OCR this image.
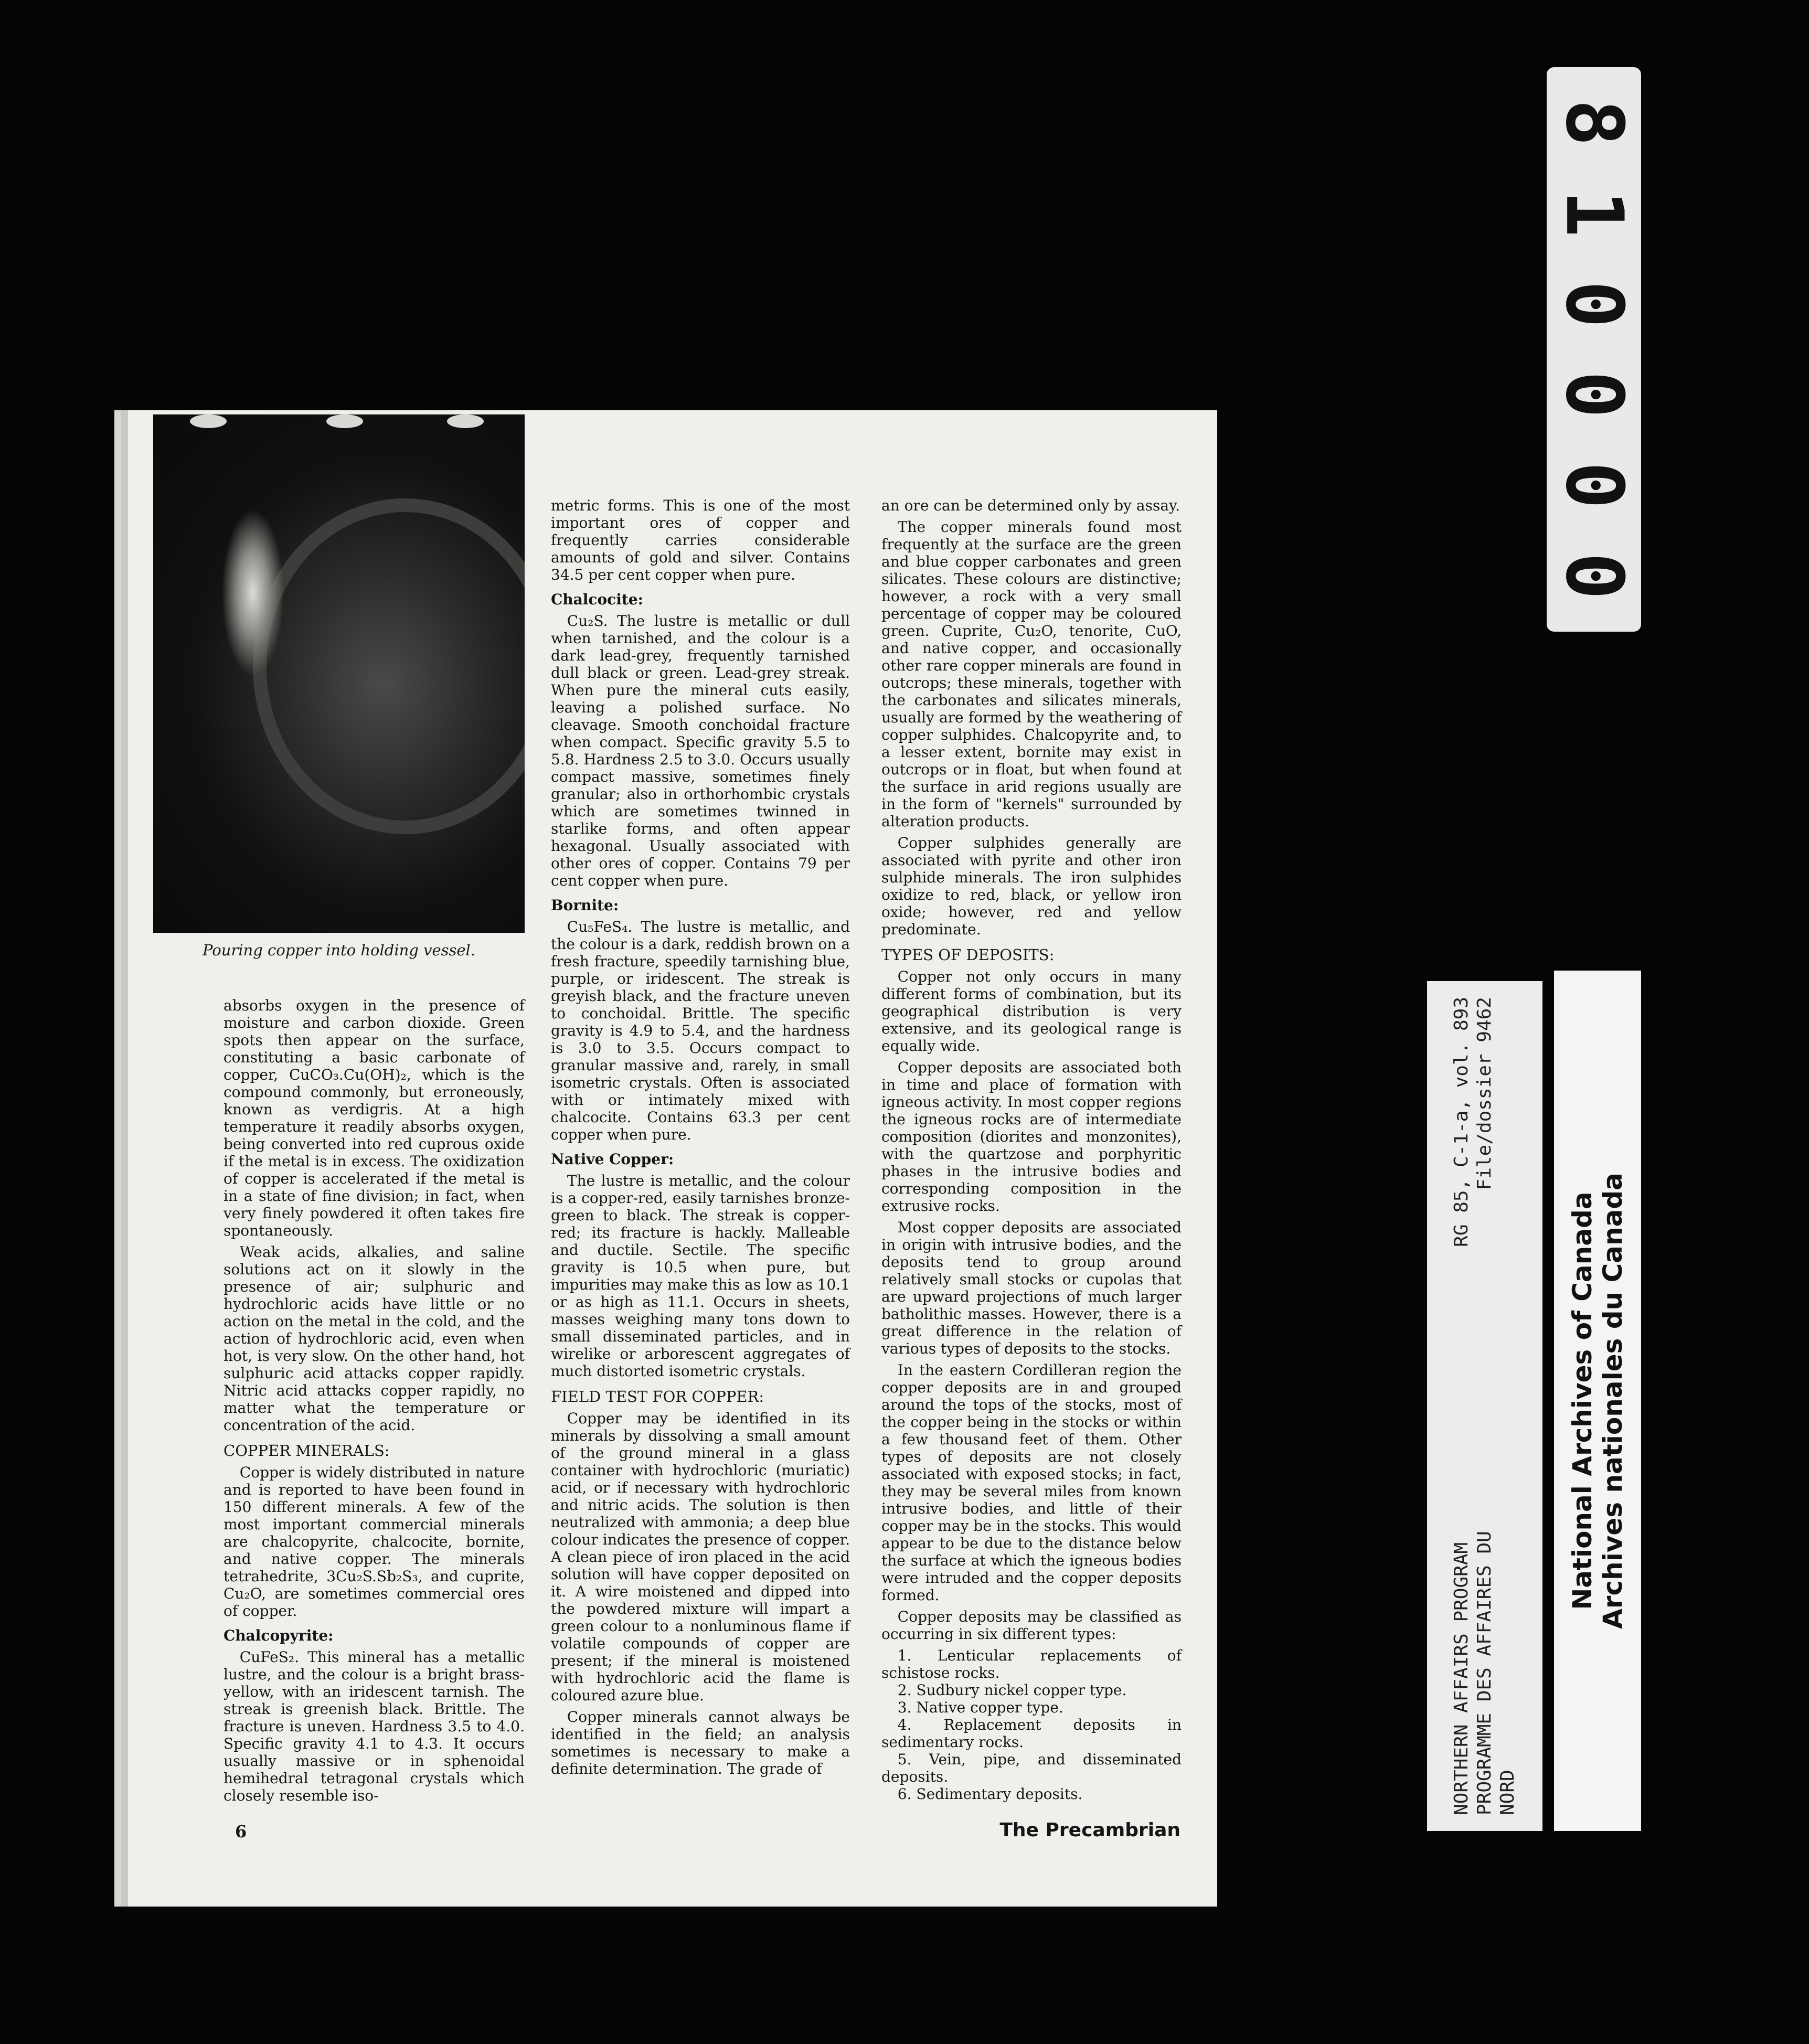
8
1
0
0
0
0
Pouring copper into holding vessel.

absorbs oxygen in the presence of moisture and carbon dioxide. Green spots then appear on the surface, constituting a basic carbonate of copper, CuCO₃.Cu(OH)₂, which is the compound commonly, but erroneously, known as verdigris. At a high temperature it readily absorbs oxygen, being converted into red cuprous oxide if the metal is in excess. The oxidization of copper is accelerated if the metal is in a state of fine division; in fact, when very finely powdered it often takes fire spontaneously.

Weak acids, alkalies, and saline solutions act on it slowly in the presence of air; sulphuric and hydrochloric acids have little or no action on the metal in the cold, and the action of hydrochloric acid, even when hot, is very slow. On the other hand, hot sulphuric acid attacks copper rapidly. Nitric acid attacks copper rapidly, no matter what the temperature or concentration of the acid.

COPPER MINERALS:

Copper is widely distributed in nature and is reported to have been found in 150 different minerals. A few of the most important commercial minerals are chalcopyrite, chalcocite, bornite, and native copper. The minerals tetrahedrite, 3Cu₂S.Sb₂S₃, and cuprite, Cu₂O, are sometimes commercial ores of copper.

Chalcopyrite:

CuFeS₂. This mineral has a metallic lustre, and the colour is a bright brass-yellow, with an iridescent tarnish. The streak is greenish black. Brittle. The fracture is uneven. Hardness 3.5 to 4.0. Specific gravity 4.1 to 4.3. It occurs usually massive or in sphenoidal hemihedral tetragonal crystals which closely resemble iso-

metric forms. This is one of the most important ores of copper and frequently carries considerable amounts of gold and silver. Contains 34.5 per cent copper when pure.

Chalcocite:

Cu₂S. The lustre is metallic or dull when tarnished, and the colour is a dark lead-grey, frequently tarnished dull black or green. Lead-grey streak. When pure the mineral cuts easily, leaving a polished surface. No cleavage. Smooth conchoidal fracture when compact. Specific gravity 5.5 to 5.8. Hardness 2.5 to 3.0. Occurs usually compact massive, sometimes finely granular; also in orthorhombic crystals which are sometimes twinned in starlike forms, and often appear hexagonal. Usually associated with other ores of copper. Contains 79 per cent copper when pure.

Bornite:

Cu₅FeS₄. The lustre is metallic, and the colour is a dark, reddish brown on a fresh fracture, speedily tarnishing blue, purple, or iridescent. The streak is greyish black, and the fracture uneven to conchoidal. Brittle. The specific gravity is 4.9 to 5.4, and the hardness is 3.0 to 3.5. Occurs compact to granular massive and, rarely, in small isometric crystals. Often is associated with or intimately mixed with chalcocite. Contains 63.3 per cent copper when pure.

Native Copper:

The lustre is metallic, and the colour is a copper-red, easily tarnishes bronze-green to black. The streak is copper-red; its fracture is hackly. Malleable and ductile. Sectile. The specific gravity is 10.5 when pure, but impurities may make this as low as 10.1 or as high as 11.1. Occurs in sheets, masses weighing many tons down to small disseminated particles, and in wirelike or arborescent aggregates of much distorted isometric crystals.

FIELD TEST FOR COPPER:

Copper may be identified in its minerals by dissolving a small amount of the ground mineral in a glass container with hydrochloric (muriatic) acid, or if necessary with hydrochloric and nitric acids. The solution is then neutralized with ammonia; a deep blue colour indicates the presence of copper. A clean piece of iron placed in the acid solution will have copper deposited on it. A wire moistened and dipped into the powdered mixture will impart a green colour to a nonluminous flame if volatile compounds of copper are present; if the mineral is moistened with hydrochloric acid the flame is coloured azure blue.

Copper minerals cannot always be identified in the field; an analysis sometimes is necessary to make a definite determination. The grade of

an ore can be determined only by assay.

The copper minerals found most frequently at the surface are the green and blue copper carbonates and green silicates. These colours are distinctive; however, a rock with a very small percentage of copper may be coloured green. Cuprite, Cu₂O, tenorite, CuO, and native copper, and occasionally other rare copper minerals are found in outcrops; these minerals, together with the carbonates and silicates minerals, usually are formed by the weathering of copper sulphides. Chalcopyrite and, to a lesser extent, bornite may exist in outcrops or in float, but when found at the surface in arid regions usually are in the form of "kernels" surrounded by alteration products.

Copper sulphides generally are associated with pyrite and other iron sulphide minerals. The iron sulphides oxidize to red, black, or yellow iron oxide; however, red and yellow predominate.

TYPES OF DEPOSITS:

Copper not only occurs in many different forms of combination, but its geographical distribution is very extensive, and its geological range is equally wide.

Copper deposits are associated both in time and place of formation with igneous activity. In most copper regions the igneous rocks are of intermediate composition (diorites and monzonites), with the quartzose and porphyritic phases in the intrusive bodies and corresponding composition in the extrusive rocks.

Most copper deposits are associated in origin with intrusive bodies, and the deposits tend to group around relatively small stocks or cupolas that are upward projections of much larger batholithic masses. However, there is a great difference in the relation of various types of deposits to the stocks.

In the eastern Cordilleran region the copper deposits are in and grouped around the tops of the stocks, most of the copper being in the stocks or within a few thousand feet of them. Other types of deposits are not closely associated with exposed stocks; in fact, they may be several miles from known intrusive bodies, and little of their copper may be in the stocks. This would appear to be due to the distance below the surface at which the igneous bodies were intruded and the copper deposits formed.

Copper deposits may be classified as occurring in six different types:

1. Lenticular replacements of schistose rocks.

2. Sudbury nickel copper type.

3. Native copper type.

4. Replacement deposits in sedimentary rocks.

5. Vein, pipe, and disseminated deposits.

6. Sedimentary deposits.

6	The Precambrian
NORTHERN AFFAIRS PROGRAM
RG 85, C-1-a, vol. 893
PROGRAMME DES AFFAIRES DU
File/dossier 9462
NORD
National Archives of Canada Archives nationales du Canada
